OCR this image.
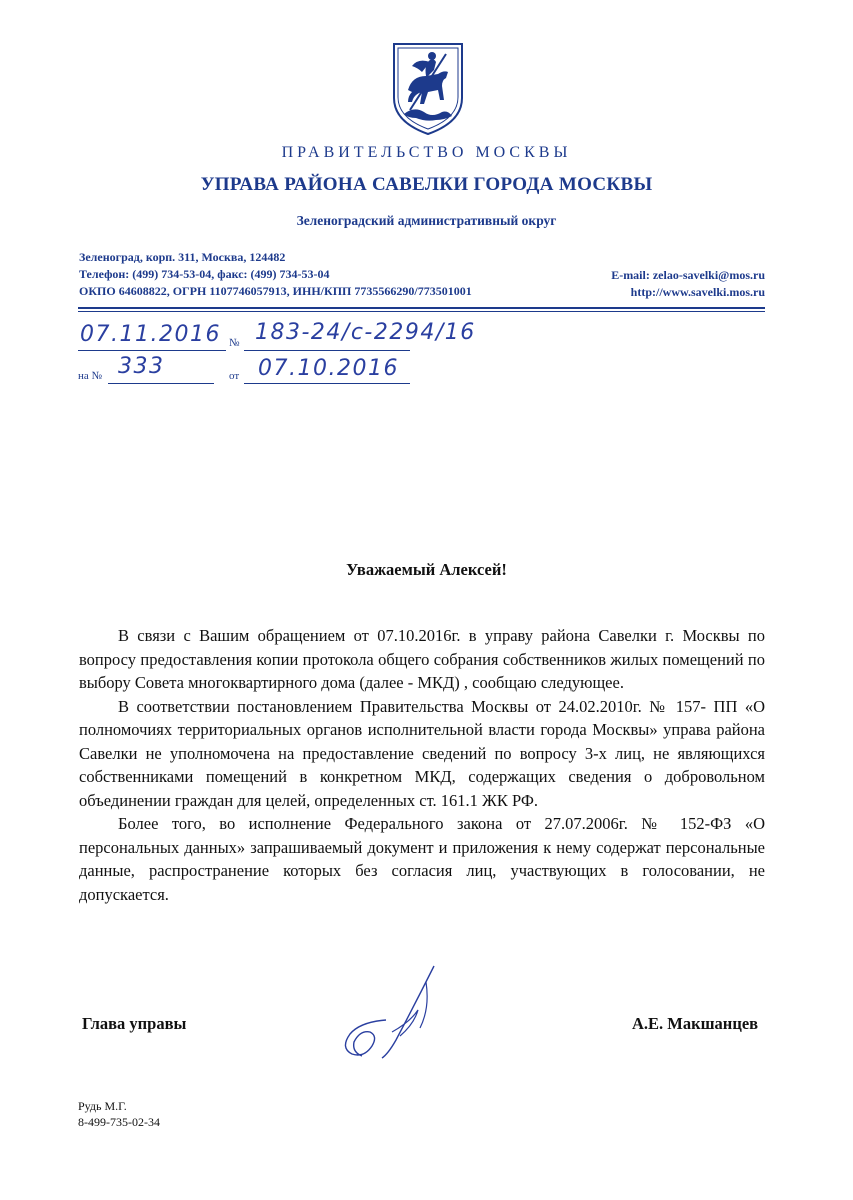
ПРАВИТЕЛЬСТВО МОСКВЫ
УПРАВА РАЙОНА САВЕЛКИ ГОРОДА МОСКВЫ
Зеленоградский административный округ
Зеленоград, корп. 311, Москва, 124482
Телефон: (499) 734-53-04, факс: (499) 734-53-04
ОКПО 64608822, ОГРН 1107746057913, ИНН/КПП 7735566290/773501001
E-mail: zelao-savelki@mos.ru
http://www.savelki.mos.ru
07.11.2016 № 183-24/с-2294/16
на № 333	от 07.10.2016
Уважаемый Алексей!

В связи с Вашим обращением от 07.10.2016г. в управу района Савелки г. Москвы по вопросу предоставления копии протокола общего собрания собственников жилых помещений по выбору Совета многоквартирного дома (далее - МКД) , сообщаю следующее.

В соответствии постановлением Правительства Москвы от 24.02.2010г. № 157- ПП «О полномочиях территориальных органов исполнительной власти города Москвы» управа района Савелки не уполномочена на предоставление сведений по вопросу 3-х лиц, не являющихся собственниками помещений в конкретном МКД, содержащих сведения о добровольном объединении граждан для целей, определенных ст. 161.1 ЖК РФ.

Более того, во исполнение Федерального закона от 27.07.2006г. № 152-ФЗ «О персональных данных» запрашиваемый документ и приложения к нему содержат персональные данные, распространение которых без согласия лиц, участвующих в голосовании, не допускается.

Глава управы	А.Е. Макшанцев
Рудь М.Г.
8-499-735-02-34
